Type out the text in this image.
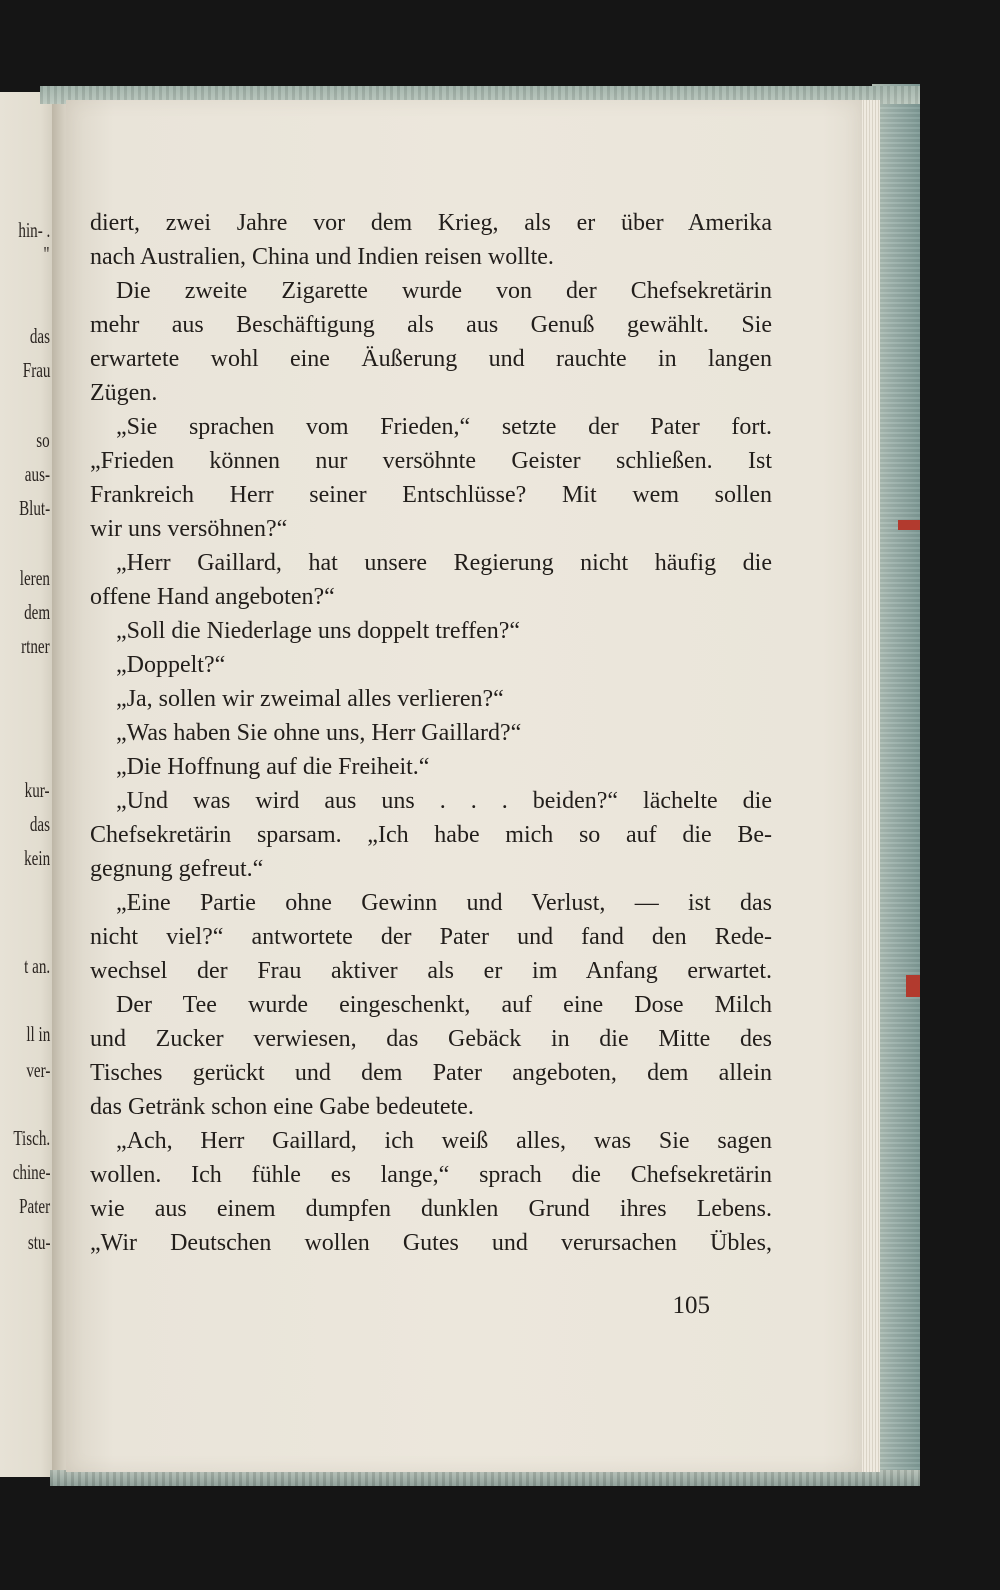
hin- .
"
das
Frau
so
aus-
Blut-
leren
dem
rtner
kur-
das
kein
t an.
ll in
ver-
Tisch.
chine-
Pater
stu-
diert, zwei Jahre vor dem Krieg, als er über Amerika
nach Australien, China und Indien reisen wollte.
Die zweite Zigarette wurde von der Chefsekretärin
mehr aus Beschäftigung als aus Genuß gewählt. Sie
erwartete wohl eine Äußerung und rauchte in langen
Zügen.
„Sie sprachen vom Frieden,“ setzte der Pater fort.
„Frieden können nur versöhnte Geister schließen. Ist
Frankreich Herr seiner Entschlüsse? Mit wem sollen
wir uns versöhnen?“
„Herr Gaillard, hat unsere Regierung nicht häufig die
offene Hand angeboten?“
„Soll die Niederlage uns doppelt treffen?“
„Doppelt?“
„Ja, sollen wir zweimal alles verlieren?“
„Was haben Sie ohne uns, Herr Gaillard?“
„Die Hoffnung auf die Freiheit.“
„Und was wird aus uns . . . beiden?“ lächelte die
Chefsekretärin sparsam. „Ich habe mich so auf die Be-
gegnung gefreut.“
„Eine Partie ohne Gewinn und Verlust, — ist das
nicht viel?“ antwortete der Pater und fand den Rede-
wechsel der Frau aktiver als er im Anfang erwartet.
Der Tee wurde eingeschenkt, auf eine Dose Milch
und Zucker verwiesen, das Gebäck in die Mitte des
Tisches gerückt und dem Pater angeboten, dem allein
das Getränk schon eine Gabe bedeutete.
„Ach, Herr Gaillard, ich weiß alles, was Sie sagen
wollen. Ich fühle es lange,“ sprach die Chefsekretärin
wie aus einem dumpfen dunklen Grund ihres Lebens.
„Wir Deutschen wollen Gutes und verursachen Übles,
105
